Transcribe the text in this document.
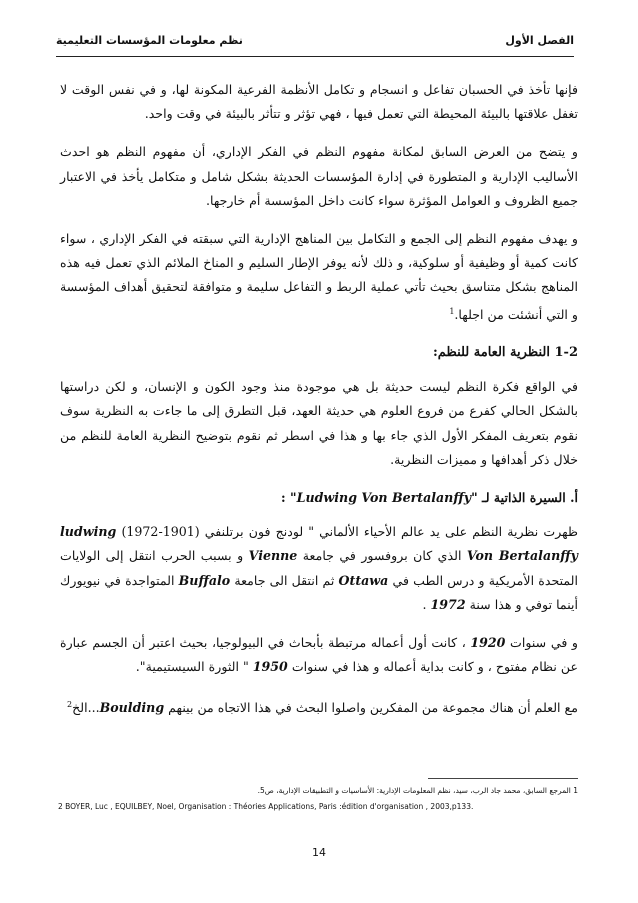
الفصل الأول
نظم معلومات المؤسسات التعليمية

فإنها تأخذ في الحسبان تفاعل و انسجام و تكامل الأنظمة الفرعية المكونة لها، و في نفس الوقت لا تغفل علاقتها بالبيئة المحيطة التي تعمل فيها ، فهي تؤثر و تتأثر بالبيئة في وقت واحد.

و يتضح من العرض السابق لمكانة مفهوم النظم في الفكر الإداري، أن مفهوم النظم هو احدث الأساليب الإدارية و المتطورة في إدارة المؤسسات الحديثة بشكل شامل و متكامل يأخذ في الاعتبار جميع الظروف و العوامل المؤثرة سواء كانت داخل المؤسسة أم خارجها.

و يهدف مفهوم النظم إلى الجمع و التكامل بين المناهج الإدارية التي سبقته في الفكر الإداري ، سواء كانت كمية أو وظيفية أو سلوكية، و ذلك لأنه يوفر الإطار السليم و المناخ الملائم الذي تعمل فيه هذه المناهج بشكل متناسق بحيث تأتي عملية الربط و التفاعل سليمة و متوافقة لتحقيق أهداف المؤسسة و التي أنشئت من اجلها.$^1$

1-2 النظرية العامة للنظم:

في الواقع فكرة النظم ليست حديثة بل هي موجودة منذ وجود الكون و الإنسان، و لكن دراستها بالشكل الحالي كفرع من فروع العلوم هي حديثة العهد، قبل التطرق إلى ما جاءت به النظرية سوف نقوم بتعريف المفكر الأول الذي جاء بها و هذا في اسطر ثم نقوم بتوضيح النظرية العامة للنظم من خلال ذكر أهدافها و مميزات النظرية.

أ. السيرة الذاتية لـ "Ludwing Von Bertalanffy" :

ظهرت نظرية النظم على يد عالم الأحياء الألماني " لودنج فون برتلنفي (1901-1972) ludwing Von Bertalanffy الذي كان بروفسور في جامعة Vienne و بسبب الحرب انتقل إلى الولايات المتحدة الأمريكية و درس الطب في Ottawa ثم انتقل الى جامعة Buffalo المتواجدة في نيويورك أينما توفي و هذا سنة 1972 .

و في سنوات 1920 ، كانت أول أعماله مرتبطة بأبحاث في البيولوجيا، بحيث اعتبر أن الجسم عبارة عن نظام مفتوح ، و كانت بداية أعماله و هذا في سنوات 1950 " الثورة السيستيمية".

مع العلم أن هناك مجموعة من المفكرين واصلوا البحث في هذا الاتجاه من بينهم Boulding...الخ$^2$

1 المرجع السابق، محمد جاد الرب، سيد، نظم المعلومات الإدارية: الأساسيات و التطبيقات الإدارية، ص5.
2 BOYER, Luc , EQUILBEY, Noel, Organisation : Théories Applications, Paris :édition d'organisation , 2003,p133.
14
